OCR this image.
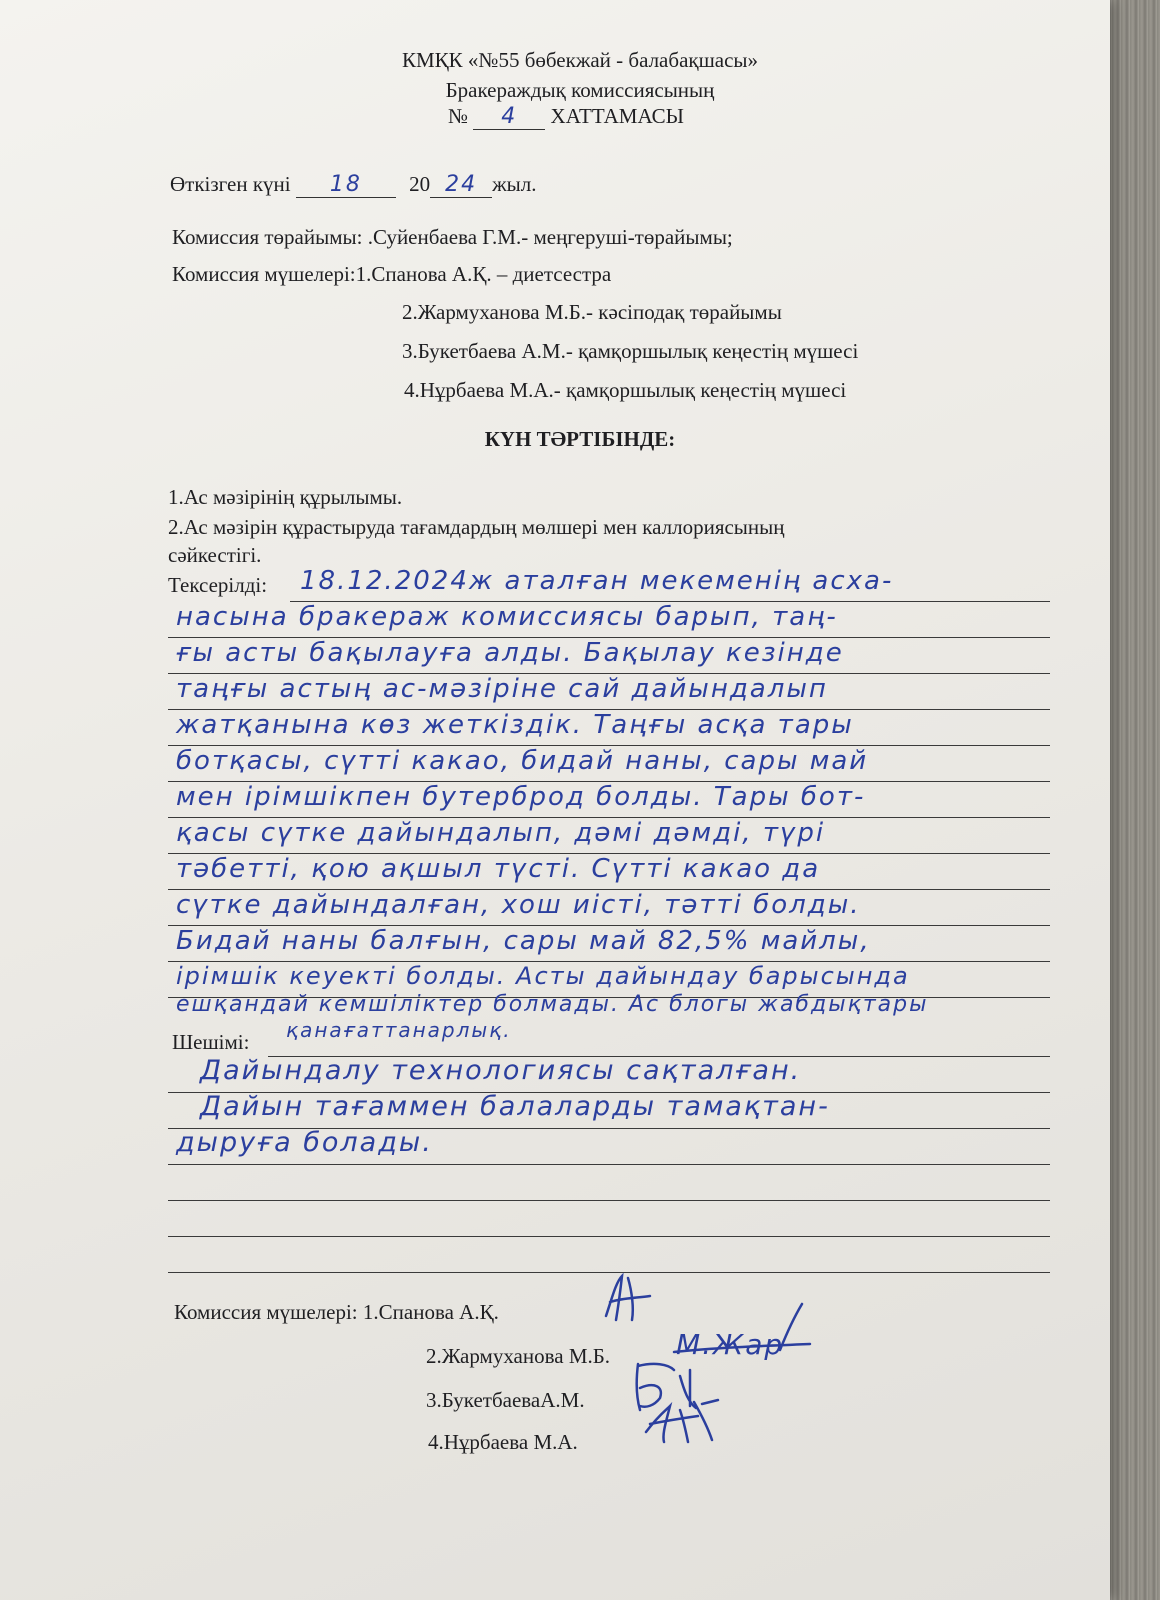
КМҚК «№55 бөбекжай - балабақшасы»
Бракераждық комиссиясының
№ 4 ХАТТАМАСЫ
Өткізген күні 18 20 24 жыл.
Комиссия төрайымы: .Суйенбаева Г.М.- меңгеруші-төрайымы;
Комиссия мүшелері:1.Спанова А.Қ. – диетсестра
2.Жармуханова М.Б.- кәсіподақ төрайымы
3.Букетбаева А.М.- қамқоршылық кеңестің мүшесі
4.Нұрбаева М.А.- қамқоршылық кеңестің мүшесі
КҮН ТӘРТІБІНДЕ:
1.Ас мәзірінің құрылымы.
2.Ас мәзірін құрастыруда тағамдардың мөлшері мен каллориясының
сәйкестігі.
Тексерілді: 18.12.2024ж аталған мекеменің асха-
насына бракераж комиссиясы барып, таң-
ғы асты бақылауға алды. Бақылау кезінде
таңғы астың ас-мәзіріне сай дайындалып
жатқанына көз жеткіздік. Таңғы асқа тары
ботқасы, сүтті какао, бидай наны, сары май
мен ірімшікпен бутерброд болды. Тары бот-
қасы сүтке дайындалып, дәмі дәмді, түрі
тәбетті, қою ақшыл түсті. Сүтті какао да
сүтке дайындалған, хош иісті, тәтті болды.
Бидай наны балғын, сары май 82,5% майлы,
ірімшік кеуекті болды. Асты дайындау барысында
ешқандай кемшіліктер болмады. Ас блогы жабдықтары
қанағаттанарлық.
Шешімі:
Дайындалу технологиясы сақталған.
Дайын тағаммен балаларды тамақтан-
дыруға болады.
Комиссия мүшелері: 1.Спанова А.Қ.
2.Жармуханова М.Б.
3.БукетбаеваА.М.
4.Нұрбаева М.А.
М.Жар
